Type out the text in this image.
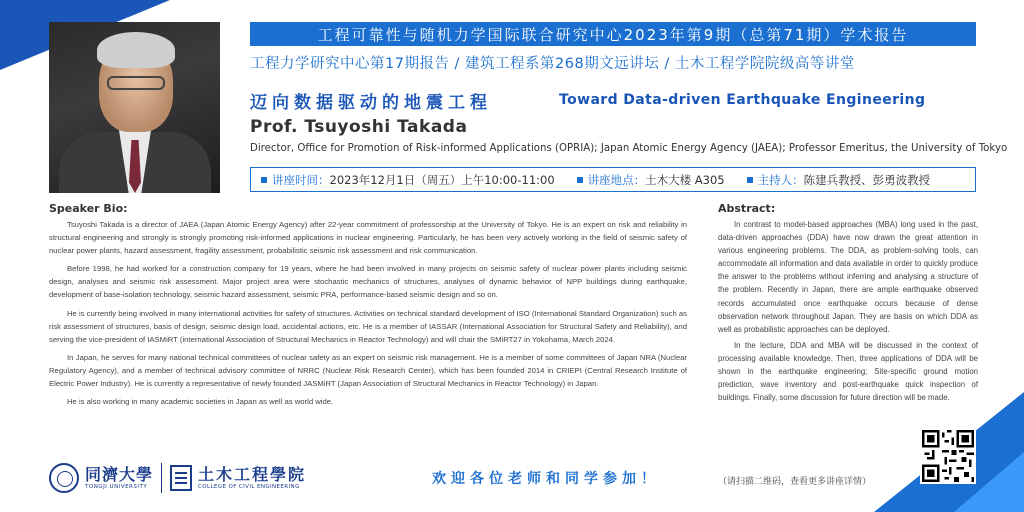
工程可靠性与随机力学国际联合研究中心2023年第9期（总第71期）学术报告
工程力学研究中心第17期报告 / 建筑工程系第268期文远讲坛 / 土木工程学院院级高等讲堂
迈向数据驱动的地震工程	Toward Data-driven Earthquake Engineering
Prof. Tsuyoshi Takada
Director, Office for Promotion of Risk-informed Applications (OPRIA); Japan Atomic Energy Agency (JAEA); Professor Emeritus, the University of Tokyo
讲座时间： 2023年12月1日（周五）上午10:00-11:00	讲座地点： 土木大楼 A305	主持人： 陈建兵教授、彭勇波教授
Speaker Bio:

Tsuyoshi Takada is a director of JAEA (Japan Atomic Energy Agency) after 22-year commitment of professorship at the University of Tokyo. He is an expert on risk and reliability in structural engineering and strongly is strongly promoting risk-informed applications in nuclear engineering. Particularly, he has been very actively working in the field of seismic safety of nuclear power plants, hazard assessment, fragility assessment, probabilistic seismic risk assessment and risk communication.

Before 1998, he had worked for a construction company for 19 years, where he had been involved in many projects on seismic safety of nuclear power plants including seismic design, analyses and seismic risk assessment. Major project area were stochastic mechanics of structures, analyses of dynamic behavior of NPP buildings during earthquake, development of base-isolation technology, seismic hazard assessment, seismic PRA, performance-based seismic design and so on.

He is currently being involved in many international activities for safety of structures. Activities on technical standard development of ISO (International Standard Organization) such as risk assessment of structures, basis of design, seismic design load, accidental actions, etc. He is a member of IASSAR (International Association for Structural Safety and Reliability), and serving the vice-president of IASMiRT (international Association of Structural Mechanics in Reactor Technology) and will chair the SMiRT27 in Yokohama, March 2024.

In Japan, he serves for many national technical committees of nuclear safety as an expert on seismic risk management. He is a member of some committees of Japan NRA (Nuclear Regulatory Agency), and a member of technical advisory committee of NRRC (Nuclear Risk Research Center), which has been founded 2014 in CRIEPI (Central Research Institute of Electric Power Industry). He is currently a representative of newly founded JASMiRT (Japan Association of Structural Mechanics in Reactor Technology) in Japan.

He is also working in many academic societies in Japan as well as world wide.

Abstract:

In contrast to model-based approaches (MBA) long used in the past, data-driven approaches (DDA) have now drawn the great attention in various engineering problems. The DDA, as problem-solving tools, can accommodate all information and data available in order to quickly produce the answer to the problems without inferring and analysing a structure of the problem. Recently in Japan, there are ample earthquake observed records accumulated once earthquake occurs because of dense observation network throughout Japan. They are basis on which DDA as well as probabilistic approaches can be deployed.

In the lecture, DDA and MBA will be discussed in the context of processing available knowledge. Then, three applications of DDA will be shown in the earthquake engineering; Site-specific ground motion prediction, wave inventory and post-earthquake quick inspection of buildings. Finally, some discussion for future direction will be made.

同濟大學
TONGJI UNIVERSITY
土木工程學院
COLLEGE OF CIVIL ENGINEERING	欢迎各位老师和同学参加！	（请扫描二维码，查看更多讲座详情）
